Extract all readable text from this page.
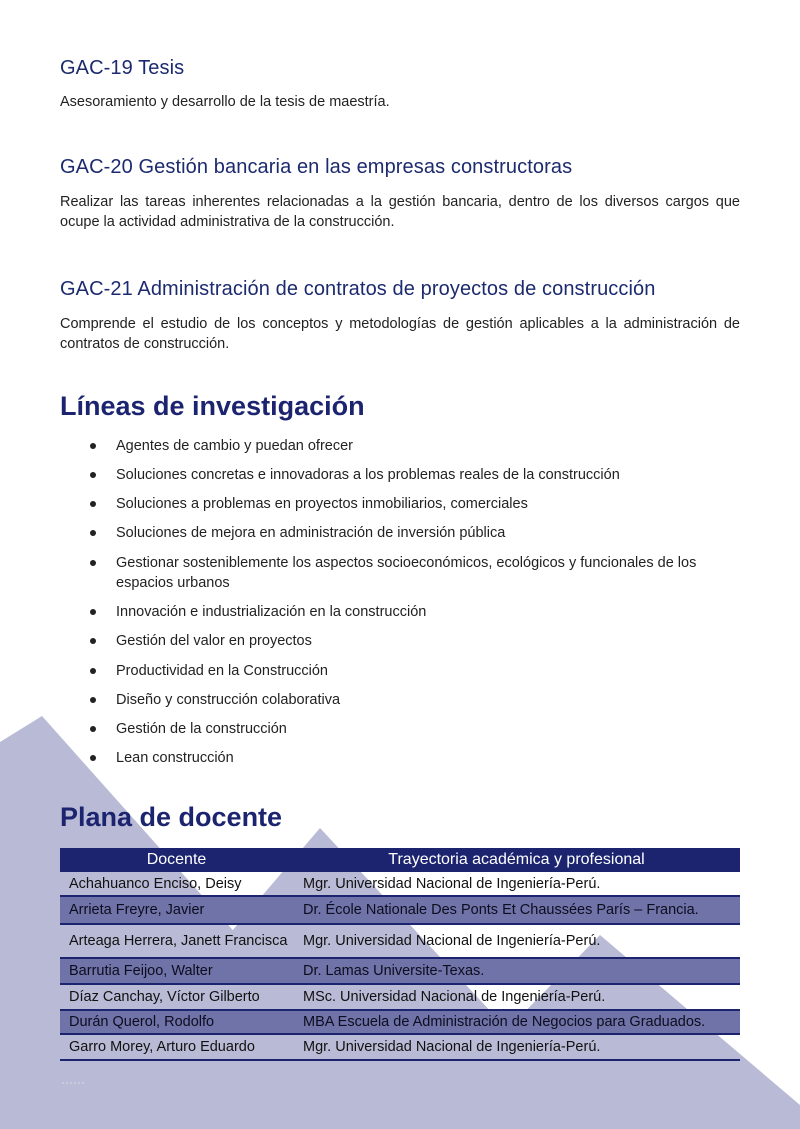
GAC-19 Tesis

Asesoramiento y desarrollo de la tesis de maestría.

GAC-20 Gestión bancaria en las empresas constructoras

Realizar las tareas inherentes relacionadas a la gestión bancaria, dentro de los diversos cargos que ocupe la actividad administrativa de la construcción.

GAC-21 Administración de contratos de proyectos de construcción

Comprende el estudio de los conceptos y metodologías de gestión aplicables a la administración de contratos de construcción.

Líneas de investigación
Agentes de cambio y puedan ofrecer
Soluciones concretas e innovadoras a los problemas reales de la construcción
Soluciones a problemas en proyectos inmobiliarios, comerciales
Soluciones de mejora en administración de inversión pública
Gestionar sosteniblemente los aspectos socioeconómicos, ecológicos y funcionales de los espacios urbanos
Innovación e industrialización en la construcción
Gestión del valor en proyectos
Productividad en la Construcción
Diseño y construcción colaborativa
Gestión de la construcción
Lean construcción
Plana de docente
Docente	Trayectoria académica y profesional
Achahuanco Enciso, Deisy	Mgr. Universidad Nacional de Ingeniería-Perú.
Arrieta Freyre, Javier	Dr. École Nationale Des Ponts Et Chaussées París – Francia.
Arteaga Herrera, Janett Francisca	Mgr. Universidad Nacional de Ingeniería-Perú.
Barrutia Feijoo, Walter	Dr. Lamas Universite-Texas.
Díaz Canchay, Víctor Gilberto	MSc. Universidad Nacional de Ingeniería-Perú.
Durán Querol, Rodolfo	MBA Escuela de Administración de Negocios para Graduados.
Garro Morey, Arturo Eduardo	Mgr. Universidad Nacional de Ingeniería-Perú.
